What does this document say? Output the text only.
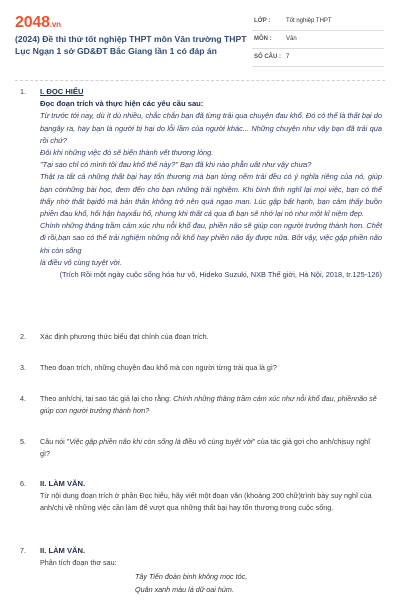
2048.vn
(2024) Đề thi thử tốt nghiệp THPT môn Văn trường THPT Lục Ngạn 1 sở GD&ĐT Bắc Giang lần 1 có đáp án
LỚP :	Tốt nghiệp THPT
MÔN : Văn
SỐ CÂU : 7
1. I. ĐỌC HIỂU
Đọc đoạn trích và thực hiện các yêu cầu sau:

Từ trước tới nay, dù ít dù nhiều, chắc chắn bạn đã từng trải qua chuyện đau khổ. Đó có thể là thất bại do bạngây ra, hay bạn là người bị hại do lỗi lầm của người khác... Những chuyện như vậy bạn đã trải qua rồi chứ?

Đôi khi những việc đó sẽ biến thành vết thương lòng.

"Tại sao chỉ có mình tôi đau khổ thế này?" Bạn đã khi nào phẫn uất như vậy chưa?

Thật ra tất cả những thất bại hay tổn thương mà bạn từng nếm trải đều có ý nghĩa riêng của nó, giúp bạn cónhững bài học, đem đến cho bạn những trải nghiệm. Khi bình tĩnh nghĩ lại mọi việc, bạn có thể thấy nhờ thất bạiđó mà bản thân không trở nên quá ngạo man. Lúc gặp bất hạnh, bạn cảm thấy buồn phiền đau khổ, hối hận hayxấu hổ, nhưng khi thất cả qua đi bạn sẽ nhớ lại nó như một kỉ niệm đẹp.

Chính những thăng trầm cảm xúc nhu nỗi khổ đau, phiền não sẽ giúp con người trưởng thành hơn. Chết đi rồi,bạn sao có thể trải nghiệm những nỗi khổ hay phiền não ấy được nữa. Bởi vậy, việc gặp phiền não khi còn sống

là điều vô cùng tuyệt vời.

(Trích Rồi một ngày cuộc sống hóa hư vô, Hideko Suzuki, NXB Thế giới, Hà Nội, 2018, tr.125-126)
2. Xác định phương thức biểu đạt chính của đoạn trích.
3. Theo đoạn trích, những chuyện đau khổ mà con người từng trải qua là gì?
4. Theo anh/chị, tại sao tác giả lại cho rằng: Chính những thăng trầm cảm xúc như nỗi khổ đau, phiềnnão sẽ giúp con người trưởng thành hơn?
5. Câu nói "Việc gặp phiền não khi còn sống là điều vô cùng tuyệt vời" của tác giả gợi cho anh/chịsuy nghĩ gì?
6. II. LÀM VĂN.
Từ nội dung đoạn trích ở phần Đọc hiểu, hãy viết một đoạn văn (khoảng 200 chữ)trình bày suy nghĩ của anh/chị về những việc cần làm để vượt qua những thất bại hay tổn thương trong cuộc sống.
7. II. LÀM VĂN.
Phân tích đoạn thơ sau:
Tây Tiến đoàn binh không mọc tóc,
Quân xanh màu lá dữ oai hùm.
